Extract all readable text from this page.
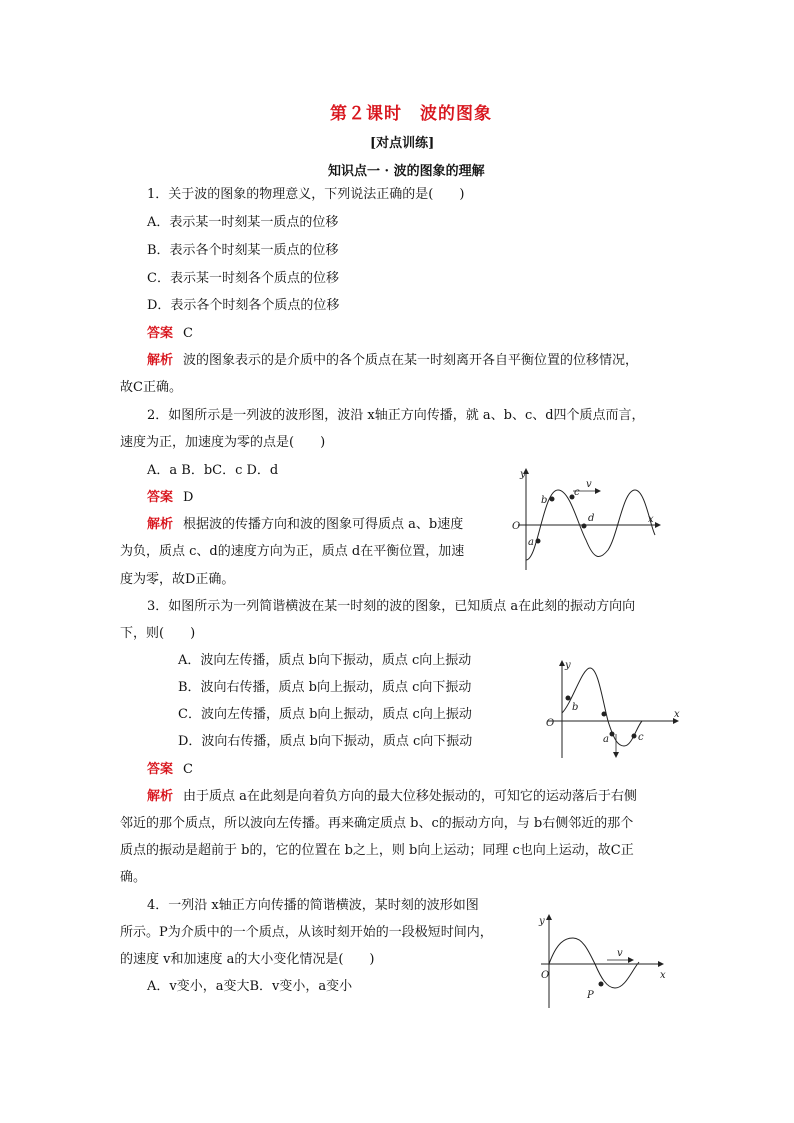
第２课时　波的图象
[对点训练]
知识点一 · 波的图象的理解
1．关于波的图象的物理意义，下列说法正确的是(　　)
A．表示某一时刻某一质点的位移
B．表示各个时刻某一质点的位移
C．表示某一时刻各个质点的位移
D．表示各个时刻各个质点的位移
答案 C
解析 波的图象表示的是介质中的各个质点在某一时刻离开各自平衡位置的位移情况，
故C正确。
2．如图所示是一列波的波形图，波沿 x轴正方向传播，就 a、b、c、d四个质点而言，
速度为正，加速度为零的点是(　　)
A．a B．bC．c D．d
答案 D
解析 根据波的传播方向和波的图象可得质点 a、b速度
为负，质点 c、d的速度方向为正，质点 d在平衡位置，加速
度为零，故D正确。
y
x
O
v
a
b
c
d
3．如图所示为一列简谐横波在某一时刻的波的图象，已知质点 a在此刻的振动方向向
下，则(　　)
A．波向左传播，质点 b向下振动，质点 c向上振动
B．波向右传播，质点 b向上振动，质点 c向下振动
C．波向左传播，质点 b向上振动，质点 c向上振动
D．波向右传播，质点 b向下振动，质点 c向下振动
答案 C
解析 由于质点 a在此刻是向着负方向的最大位移处振动的，可知它的运动落后于右侧
邻近的那个质点，所以波向左传播。再来确定质点 b、c的振动方向，与 b右侧邻近的那个
质点的振动是超前于 b的，它的位置在 b之上，则 b向上运动；同理 c也向上运动，故C正
确。
y
x
O
b
a	c
4．一列沿 x轴正方向传播的简谐横波，某时刻的波形如图
所示。P为介质中的一个质点，从该时刻开始的一段极短时间内，
的速度 v和加速度 a的大小变化情况是(　　)
A．v变小，a变大B．v变小，a变小
y
x
O
v
P
